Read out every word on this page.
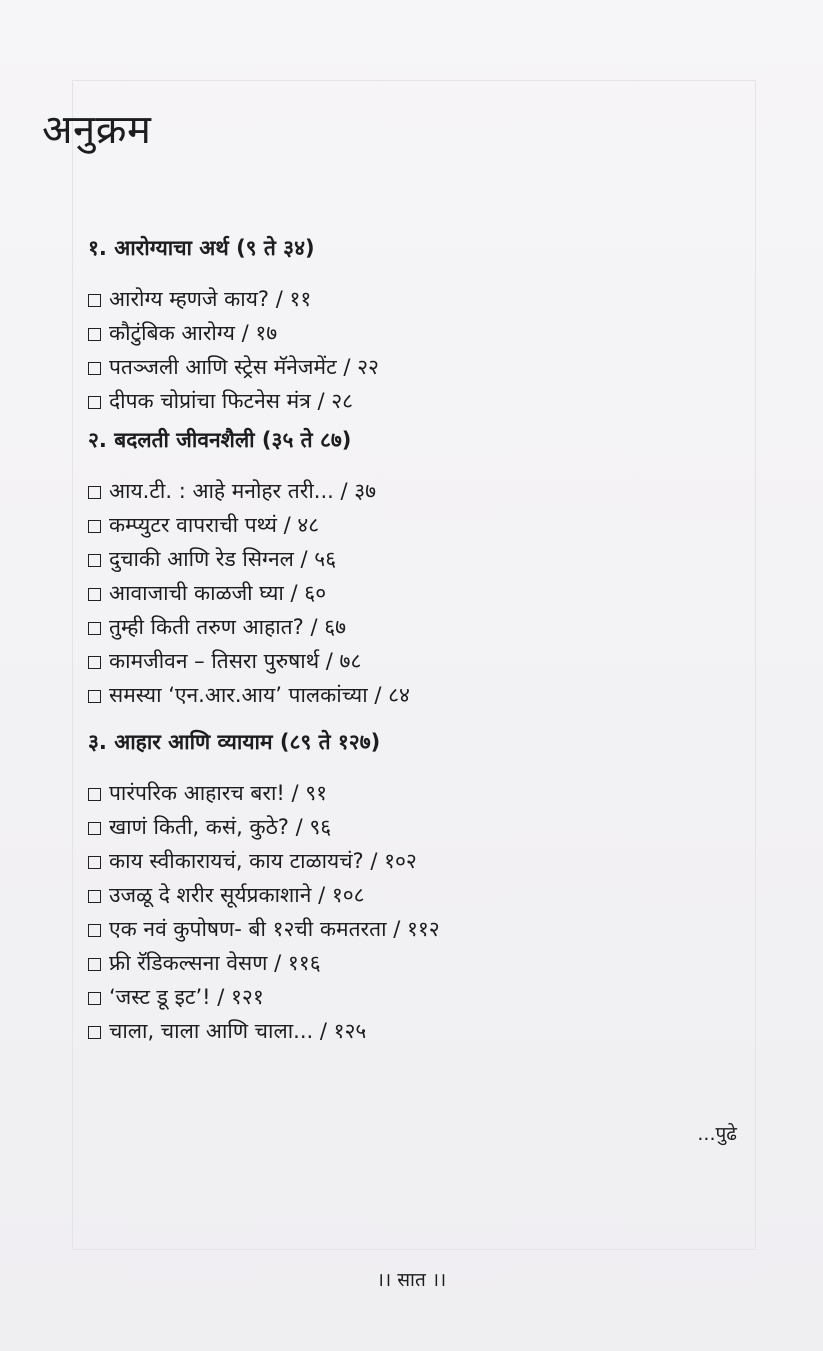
अनुक्रम
१. आरोग्याचा अर्थ (९ ते ३४)
आरोग्य म्हणजे काय? / ११
कौटुंबिक आरोग्य / १७
पतञ्जली आणि स्ट्रेस मॅनेजमेंट / २२
दीपक चोप्रांचा फिटनेस मंत्र / २८
२. बदलती जीवनशैली (३५ ते ८७)
आय.टी. : आहे मनोहर तरी... / ३७
कम्प्युटर वापराची पथ्यं / ४८
दुचाकी आणि रेड सिग्नल / ५६
आवाजाची काळजी घ्या / ६०
तुम्ही किती तरुण आहात? / ६७
कामजीवन – तिसरा पुरुषार्थ / ७८
समस्या ‘एन.आर.आय’ पालकांच्या / ८४
३. आहार आणि व्यायाम (८९ ते १२७)
पारंपरिक आहारच बरा! / ९१
खाणं किती, कसं, कुठे? / ९६
काय स्वीकारायचं, काय टाळायचं? / १०२
उजळू दे शरीर सूर्यप्रकाशाने / १०८
एक नवं कुपोषण- बी १२ची कमतरता / ११२
फ्री रॅडिकल्सना वेसण / ११६
‘जस्ट डू इट’! / १२१
चाला, चाला आणि चाला... / १२५
...पुढे
।। सात ।।
